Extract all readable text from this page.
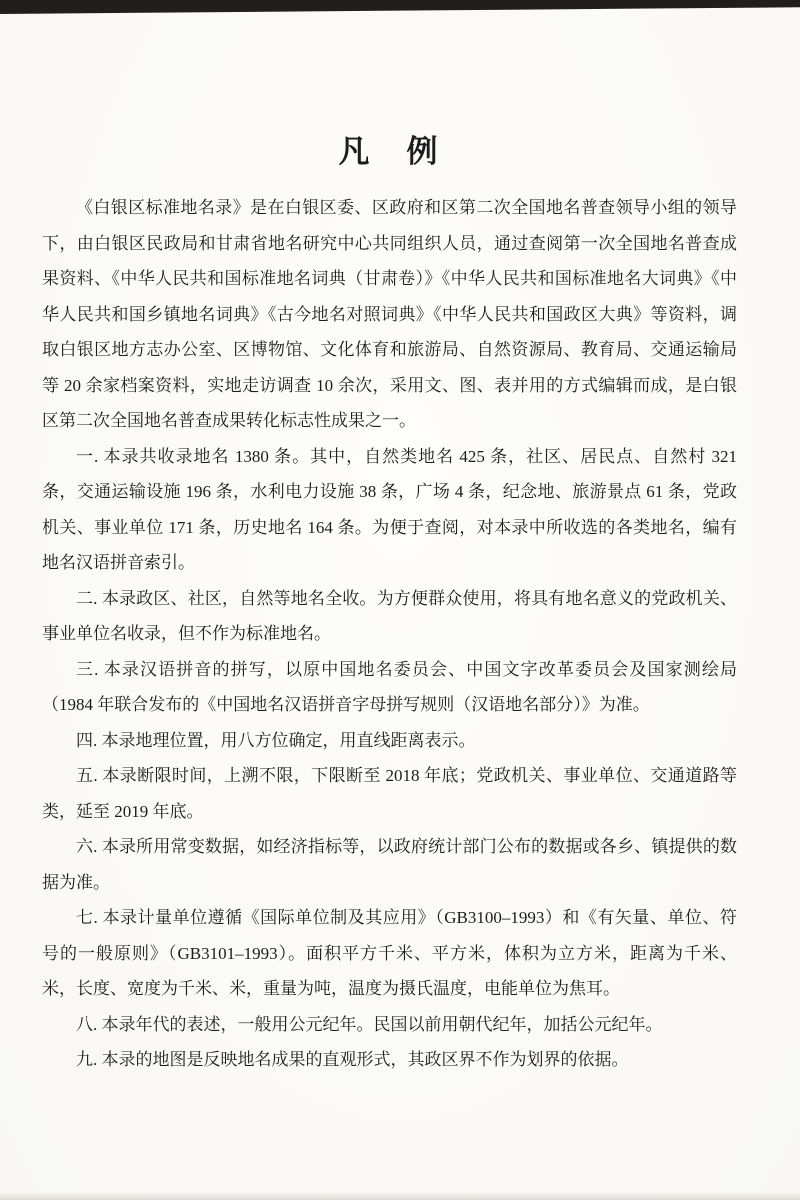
凡　例

《白银区标准地名录》是在白银区委、区政府和区第二次全国地名普查领导小组的领导下，由白银区民政局和甘肃省地名研究中心共同组织人员，通过查阅第一次全国地名普查成果资料、《中华人民共和国标准地名词典（甘肃卷）》《中华人民共和国标准地名大词典》《中华人民共和国乡镇地名词典》《古今地名对照词典》《中华人民共和国政区大典》等资料，调取白银区地方志办公室、区博物馆、文化体育和旅游局、自然资源局、教育局、交通运输局等 20 余家档案资料，实地走访调查 10 余次，采用文、图、表并用的方式编辑而成，是白银区第二次全国地名普查成果转化标志性成果之一。

一. 本录共收录地名 1380 条。其中，自然类地名 425 条，社区、居民点、自然村 321 条，交通运输设施 196 条，水利电力设施 38 条，广场 4 条，纪念地、旅游景点 61 条，党政机关、事业单位 171 条，历史地名 164 条。为便于查阅，对本录中所收选的各类地名，编有地名汉语拼音索引。

二. 本录政区、社区，自然等地名全收。为方便群众使用，将具有地名意义的党政机关、事业单位名收录，但不作为标准地名。

三. 本录汉语拼音的拼写，以原中国地名委员会、中国文字改革委员会及国家测绘局（1984 年联合发布的《中国地名汉语拼音字母拼写规则（汉语地名部分）》为准。

四. 本录地理位置，用八方位确定，用直线距离表示。

五. 本录断限时间，上溯不限，下限断至 2018 年底；党政机关、事业单位、交通道路等类，延至 2019 年底。

六. 本录所用常变数据，如经济指标等，以政府统计部门公布的数据或各乡、镇提供的数据为准。

七. 本录计量单位遵循《国际单位制及其应用》（GB3100–1993）和《有矢量、单位、符号的一般原则》（GB3101–1993）。面积平方千米、平方米，体积为立方米，距离为千米、米，长度、宽度为千米、米，重量为吨，温度为摄氏温度，电能单位为焦耳。

八. 本录年代的表述，一般用公元纪年。民国以前用朝代纪年，加括公元纪年。

九. 本录的地图是反映地名成果的直观形式，其政区界不作为划界的依据。
